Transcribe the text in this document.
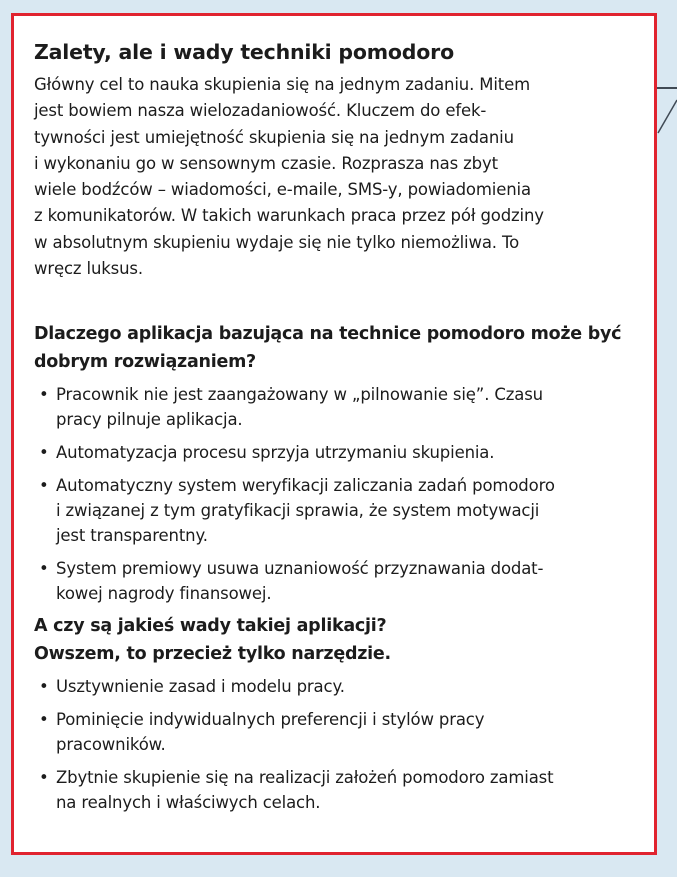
Zalety, ale i wady techniki pomodoro

Główny cel to nauka skupienia się na jednym zadaniu. Mitem
jest bowiem nasza wielozadaniowość. Kluczem do efek-
tywności jest umiejętność skupienia się na jednym zadaniu
i wykonaniu go w sensownym czasie. Rozprasza nas zbyt
wiele bodźców – wiadomości, e-maile, SMS-y, powiadomienia
z komunikatorów. W takich warunkach praca przez pół godziny
w absolutnym skupieniu wydaje się nie tylko niemożliwa. To
wręcz luksus.

Dlaczego aplikacja bazująca na technice pomodoro może być
dobrym rozwiązaniem?
• Pracownik nie jest zaangażowany w „pilnowanie się”. Czasu
pracy pilnuje aplikacja.
• Automatyzacja procesu sprzyja utrzymaniu skupienia.
• Automatyczny system weryfikacji zaliczania zadań pomodoro
i związanej z tym gratyfikacji sprawia, że system motywacji
jest transparentny.
• System premiowy usuwa uznaniowość przyznawania dodat-
kowej nagrody finansowej.
A czy są jakieś wady takiej aplikacji?
Owszem, to przecież tylko narzędzie.
• Usztywnienie zasad i modelu pracy.
• Pominięcie indywidualnych preferencji i stylów pracy
pracowników.
• Zbytnie skupienie się na realizacji założeń pomodoro zamiast
na realnych i właściwych celach.
